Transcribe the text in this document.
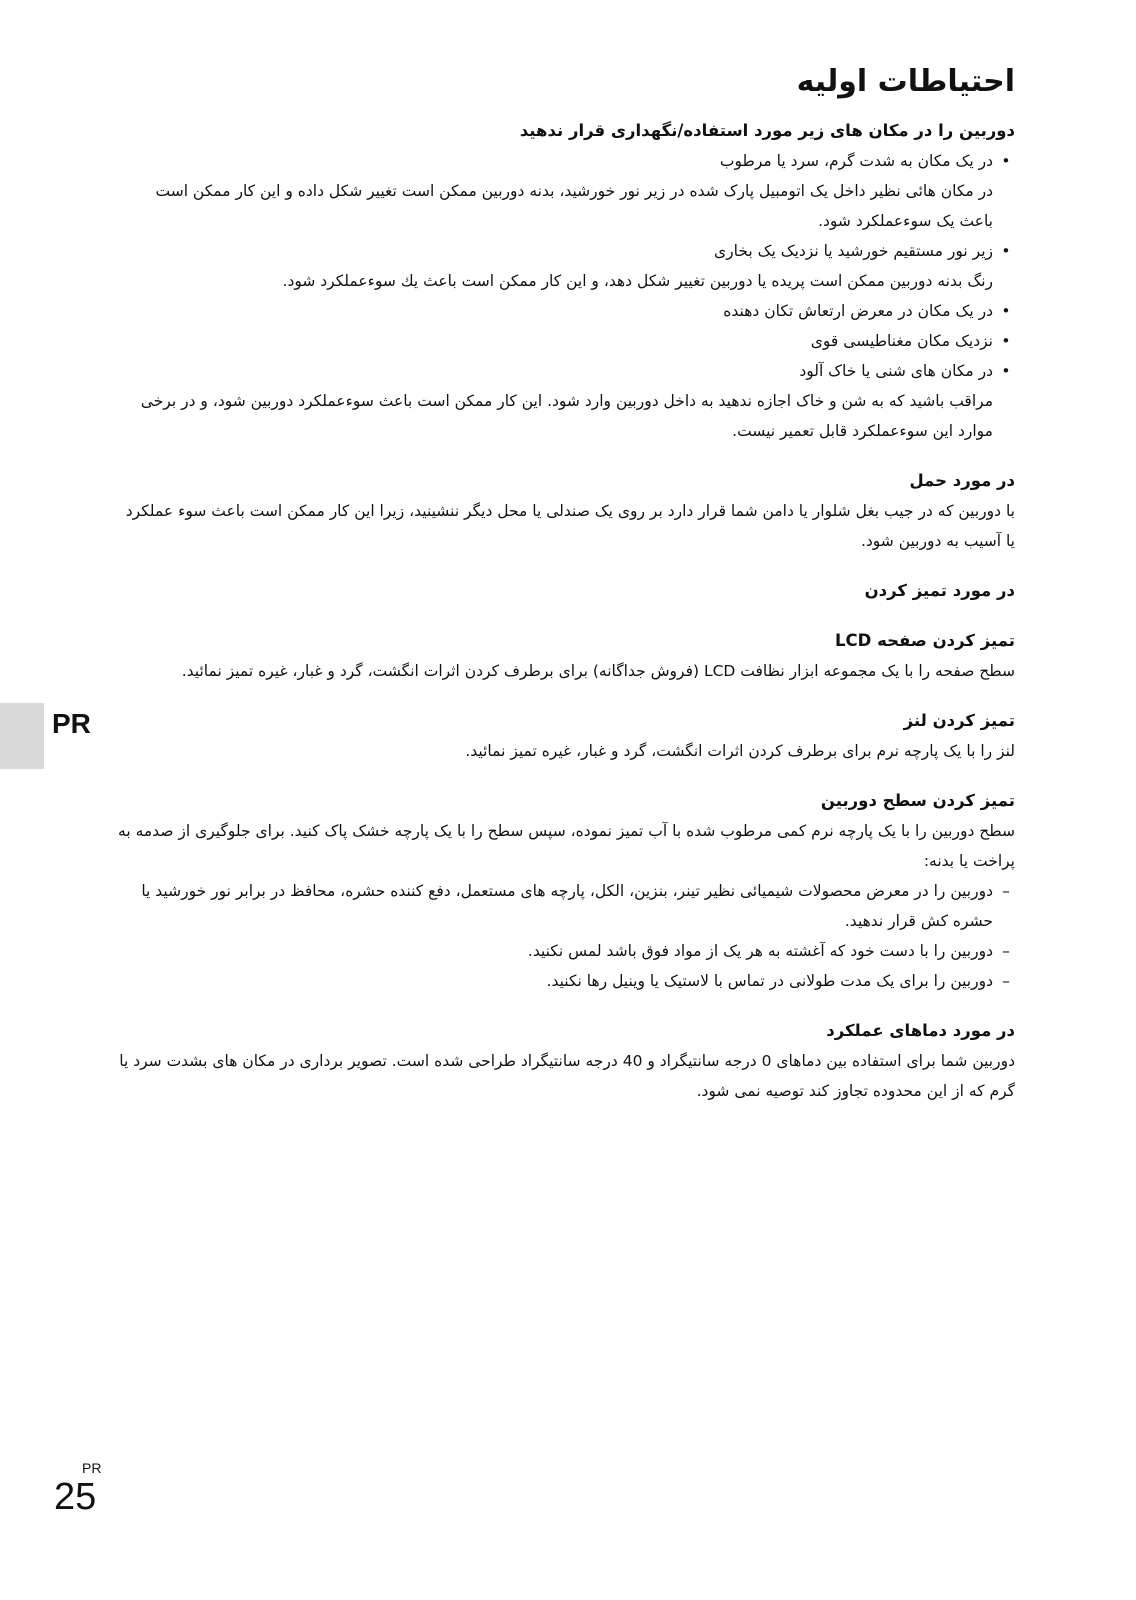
احتیاطات اولیه
دوربین را در مکان های زیر مورد استفاده/نگهداری قرار ندهید
•
در یک مکان به شدت گرم، سرد یا مرطوب

در مکان هائی نظیر داخل یک اتومبیل پارک شده در زیر نور خورشید، بدنه دوربین ممکن است تغییر شکل داده و این کار ممکن است باعث یک سوءعملکرد شود.

•
زیر نور مستقیم خورشید یا نزدیک یک بخاری

رنگ بدنه دوربین ممکن است پریده یا دوربین تغییر شکل دهد، و این کار ممکن است باعث يك سوءعملکرد شود.

•
در یک مکان در معرض ارتعاش تکان دهنده
•
نزدیک مکان مغناطیسی قوی
•
در مکان های شنی یا خاک آلود

مراقب باشید که به شن و خاک اجازه ندهید به داخل دوربین وارد شود. این کار ممکن است باعث سوءعملکرد دوربین شود، و در برخی موارد این سوءعملکرد قابل تعمیر نیست.

در مورد حمل

با دوربین که در جیب بغل شلوار یا دامن شما قرار دارد بر روی یک صندلی یا محل دیگر ننشینید، زیرا این کار ممکن است باعث سوء عملکرد یا آسیب به دوربین شود.

در مورد تمیز کردن
تمیز کردن صفحه LCD

سطح صفحه را با یک مجموعه ابزار نظافت LCD (فروش جداگانه) برای برطرف کردن اثرات انگشت، گرد و غبار، غیره تمیز نمائید.

تمیز کردن لنز

لنز را با یک پارچه نرم برای برطرف کردن اثرات انگشت، گرد و غبار، غیره تمیز نمائید.

تمیز کردن سطح دوربین

سطح دوربین را با یک پارچه نرم کمی مرطوب شده با آب تمیز نموده، سپس سطح را با یک پارچه خشک پاک کنید. برای جلوگیری از صدمه به پراخت یا بدنه:

–
دوربین را در معرض محصولات شیمیائی نظیر تینر، بنزین، الکل، پارچه های مستعمل، دفع کننده حشره، محافظ در برابر نور خورشید یا حشره کش قرار ندهید.
–
دوربین را با دست خود که آغشته به هر یک از مواد فوق باشد لمس نکنید.
–
دوربین را برای یک مدت طولانی در تماس با لاستیک یا وینیل رها نکنید.
در مورد دماهای عملکرد

دوربین شما برای استفاده بین دماهای 0 درجه سانتیگراد و 40 درجه سانتیگراد طراحی شده است. تصویر برداری در مکان های بشدت سرد یا گرم که از این محدوده تجاوز کند توصیه نمی شود.

PR
PR
25
